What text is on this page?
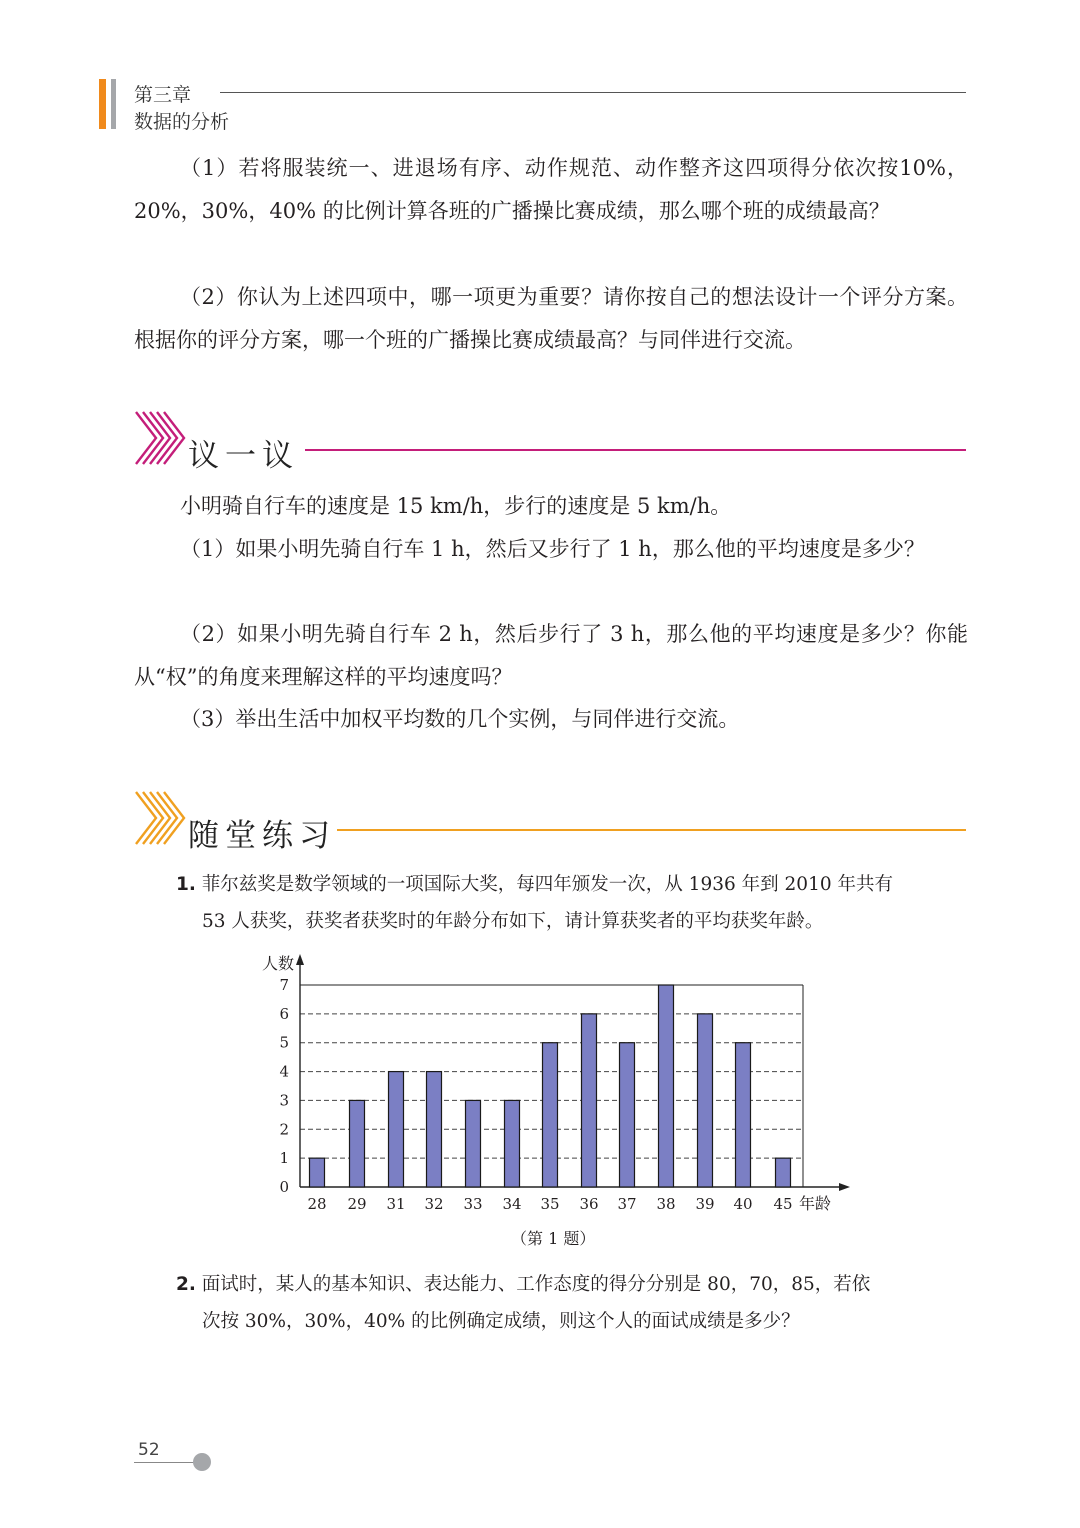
第三章
数据的分析

（1）若将服装统一、进退场有序、动作规范、动作整齐这四项得分依次按10%，20%，30%，40% 的比例计算各班的广播操比赛成绩，那么哪个班的成绩最高？

（2）你认为上述四项中，哪一项更为重要？请你按自己的想法设计一个评分方案。根据你的评分方案，哪一个班的广播操比赛成绩最高？与同伴进行交流。

议一议

小明骑自行车的速度是 15 km/h，步行的速度是 5 km/h。

（1）如果小明先骑自行车 1 h，然后又步行了 1 h，那么他的平均速度是多少？

（2）如果小明先骑自行车 2 h，然后步行了 3 h，那么他的平均速度是多少？你能从“权”的角度来理解这样的平均速度吗？

（3）举出生活中加权平均数的几个实例，与同伴进行交流。

随堂练习

1. 菲尔兹奖是数学领域的一项国际大奖，每四年颁发一次，从 1936 年到 2010 年共有
53 人获奖，获奖者获奖时的年龄分布如下，请计算获奖者的平均获奖年龄。

0
1
2
3
4
5
6
7
人数
28 29 31 32 33 34 35 36 37 38 39 40 45 年龄
（第 1 题）

2. 面试时，某人的基本知识、表达能力、工作态度的得分分别是 80，70，85，若依
次按 30%，30%，40% 的比例确定成绩，则这个人的面试成绩是多少？

52
